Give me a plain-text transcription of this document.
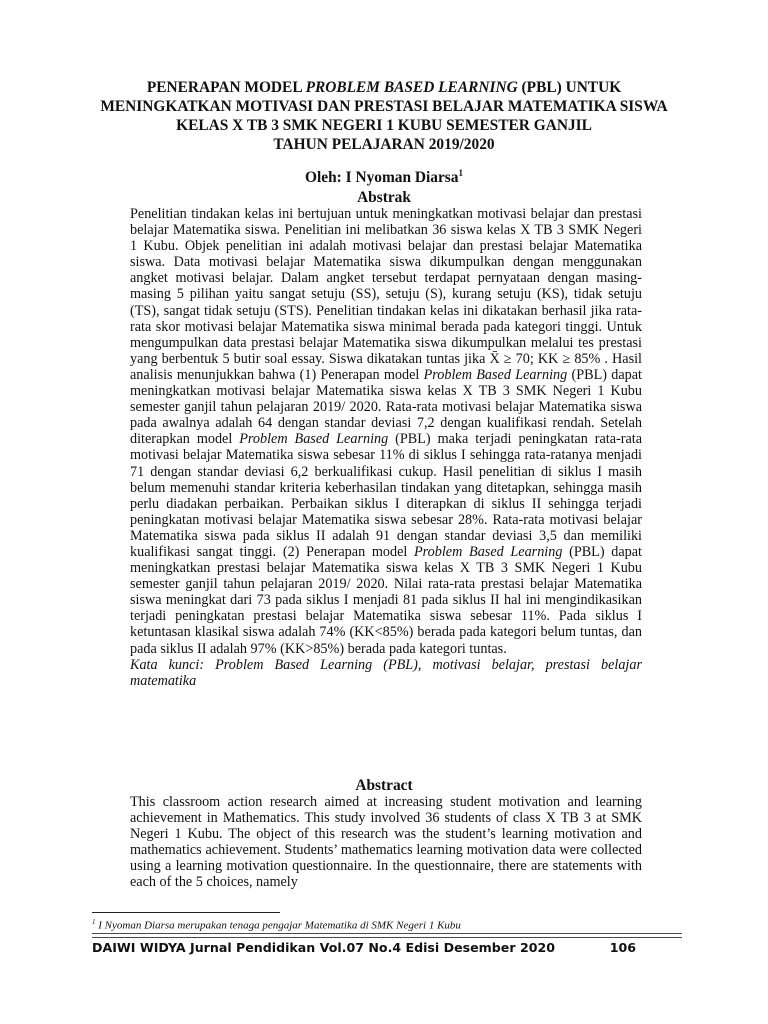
PENERAPAN MODEL PROBLEM BASED LEARNING (PBL) UNTUK
MENINGKATKAN MOTIVASI DAN PRESTASI BELAJAR MATEMATIKA SISWA
KELAS X TB 3 SMK NEGERI 1 KUBU SEMESTER GANJIL
TAHUN PELAJARAN 2019/2020
Oleh: I Nyoman Diarsa$^1$
Abstrak

Penelitian tindakan kelas ini bertujuan untuk meningkatkan motivasi belajar dan prestasi belajar Matematika siswa. Penelitian ini melibatkan 36 siswa kelas X TB 3 SMK Negeri 1 Kubu. Objek penelitian ini adalah motivasi belajar dan prestasi belajar Matematika siswa. Data motivasi belajar Matematika siswa dikumpulkan dengan menggunakan angket motivasi belajar. Dalam angket tersebut terdapat pernyataan dengan masing-masing 5 pilihan yaitu sangat setuju (SS), setuju (S), kurang setuju (KS), tidak setuju (TS), sangat tidak setuju (STS). Penelitian tindakan kelas ini dikatakan berhasil jika rata-rata skor motivasi belajar Matematika siswa minimal berada pada kategori tinggi. Untuk mengumpulkan data prestasi belajar Matematika siswa dikumpulkan melalui tes prestasi yang berbentuk 5 butir soal essay. Siswa dikatakan tuntas jika X̄ ≥ 70; KK ≥ 85% . Hasil analisis menunjukkan bahwa (1) Penerapan model Problem Based Learning (PBL) dapat meningkatkan motivasi belajar Matematika siswa kelas X TB 3 SMK Negeri 1 Kubu semester ganjil tahun pelajaran 2019/ 2020. Rata-rata motivasi belajar Matematika siswa pada awalnya adalah 64 dengan standar deviasi 7,2 dengan kualifikasi rendah. Setelah diterapkan model Problem Based Learning (PBL) maka terjadi peningkatan rata-rata motivasi belajar Matematika siswa sebesar 11% di siklus I sehingga rata-ratanya menjadi 71 dengan standar deviasi 6,2 berkualifikasi cukup. Hasil penelitian di siklus I masih belum memenuhi standar kriteria keberhasilan tindakan yang ditetapkan, sehingga masih perlu diadakan perbaikan. Perbaikan siklus I diterapkan di siklus II sehingga terjadi peningkatan motivasi belajar Matematika siswa sebesar 28%. Rata-rata motivasi belajar Matematika siswa pada siklus II adalah 91 dengan standar deviasi 3,5 dan memiliki kualifikasi sangat tinggi. (2) Penerapan model Problem Based Learning (PBL) dapat meningkatkan prestasi belajar Matematika siswa kelas X TB 3 SMK Negeri 1 Kubu semester ganjil tahun pelajaran 2019/ 2020. Nilai rata-rata prestasi belajar Matematika siswa meningkat dari 73 pada siklus I menjadi 81 pada siklus II hal ini mengindikasikan terjadi peningkatan prestasi belajar Matematika siswa sebesar 11%. Pada siklus I ketuntasan klasikal siswa adalah 74% (KK<85%) berada pada kategori belum tuntas, dan pada siklus II adalah 97% (KK>85%) berada pada kategori tuntas.

Kata kunci: Problem Based Learning (PBL), motivasi belajar, prestasi belajar matematika

Abstract

This classroom action research aimed at increasing student motivation and learning achievement in Mathematics. This study involved 36 students of class X TB 3 at SMK Negeri 1 Kubu. The object of this research was the student’s learning motivation and mathematics achievement. Students’ mathematics learning motivation data were collected using a learning motivation questionnaire. In the questionnaire, there are statements with each of the 5 choices, namely

$^1$ I Nyoman Diarsa merupakan tenaga pengajar Matematika di SMK Negeri 1 Kubu
DAIWI WIDYA Jurnal Pendidikan Vol.07 No.4 Edisi Desember 2020	106
